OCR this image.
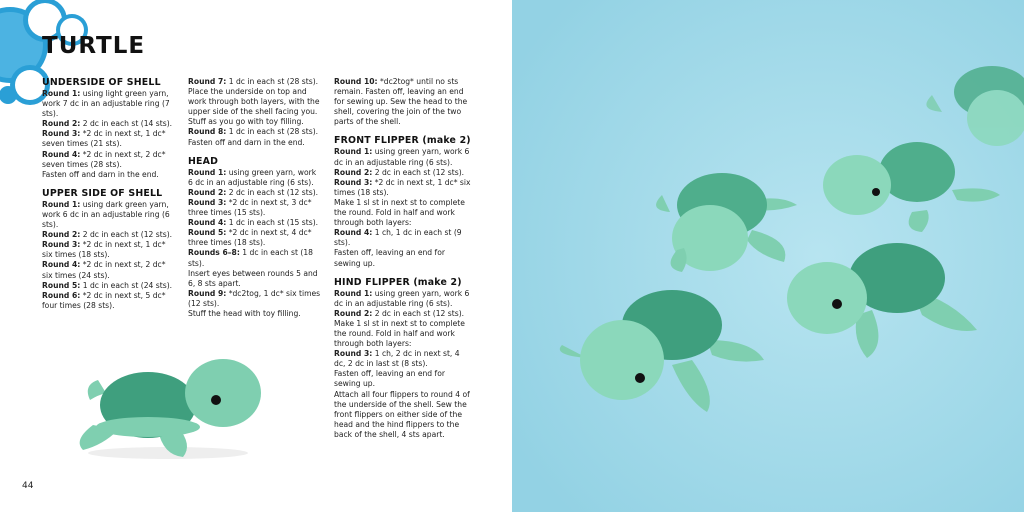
TURTLE
UNDERSIDE OF SHELL

Round 1: using light green yarn, work 7 dc in an adjustable ring (7 sts).

Round 2: 2 dc in each st (14 sts).

Round 3: *2 dc in next st, 1 dc* seven times (21 sts).

Round 4: *2 dc in next st, 2 dc* seven times (28 sts).

Fasten off and darn in the end.

UPPER SIDE OF SHELL

Round 1: using dark green yarn, work 6 dc in an adjustable ring (6 sts).

Round 2: 2 dc in each st (12 sts).

Round 3: *2 dc in next st, 1 dc* six times (18 sts).

Round 4: *2 dc in next st, 2 dc* six times (24 sts).

Round 5: 1 dc in each st (24 sts).

Round 6: *2 dc in next st, 5 dc* four times (28 sts).

Round 7: 1 dc in each st (28 sts). Place the underside on top and work through both layers, with the upper side of the shell facing you. Stuff as you go with toy filling.

Round 8: 1 dc in each st (28 sts). Fasten off and darn in the end.

HEAD

Round 1: using green yarn, work 6 dc in an adjustable ring (6 sts).

Round 2: 2 dc in each st (12 sts).

Round 3: *2 dc in next st, 3 dc* three times (15 sts).

Round 4: 1 dc in each st (15 sts).

Round 5: *2 dc in next st, 4 dc* three times (18 sts).

Rounds 6–8: 1 dc in each st (18 sts).

Insert eyes between rounds 5 and 6, 8 sts apart.

Round 9: *dc2tog, 1 dc* six times (12 sts).

Stuff the head with toy filling.

Round 10: *dc2tog* until no sts remain. Fasten off, leaving an end for sewing up. Sew the head to the shell, covering the join of the two parts of the shell.

FRONT FLIPPER (make 2)

Round 1: using green yarn, work 6 dc in an adjustable ring (6 sts).

Round 2: 2 dc in each st (12 sts).

Round 3: *2 dc in next st, 1 dc* six times (18 sts).

Make 1 sl st in next st to complete the round. Fold in half and work through both layers:

Round 4: 1 ch, 1 dc in each st (9 sts).

Fasten off, leaving an end for sewing up.

HIND FLIPPER (make 2)

Round 1: using green yarn, work 6 dc in an adjustable ring (6 sts).

Round 2: 2 dc in each st (12 sts).

Make 1 sl st in next st to complete the round. Fold in half and work through both layers:

Round 3: 1 ch, 2 dc in next st, 4 dc, 2 dc in last st (8 sts).

Fasten off, leaving an end for sewing up.

Attach all four flippers to round 4 of the underside of the shell. Sew the front flippers on either side of the head and the hind flippers to the back of the shell, 4 sts apart.

44
